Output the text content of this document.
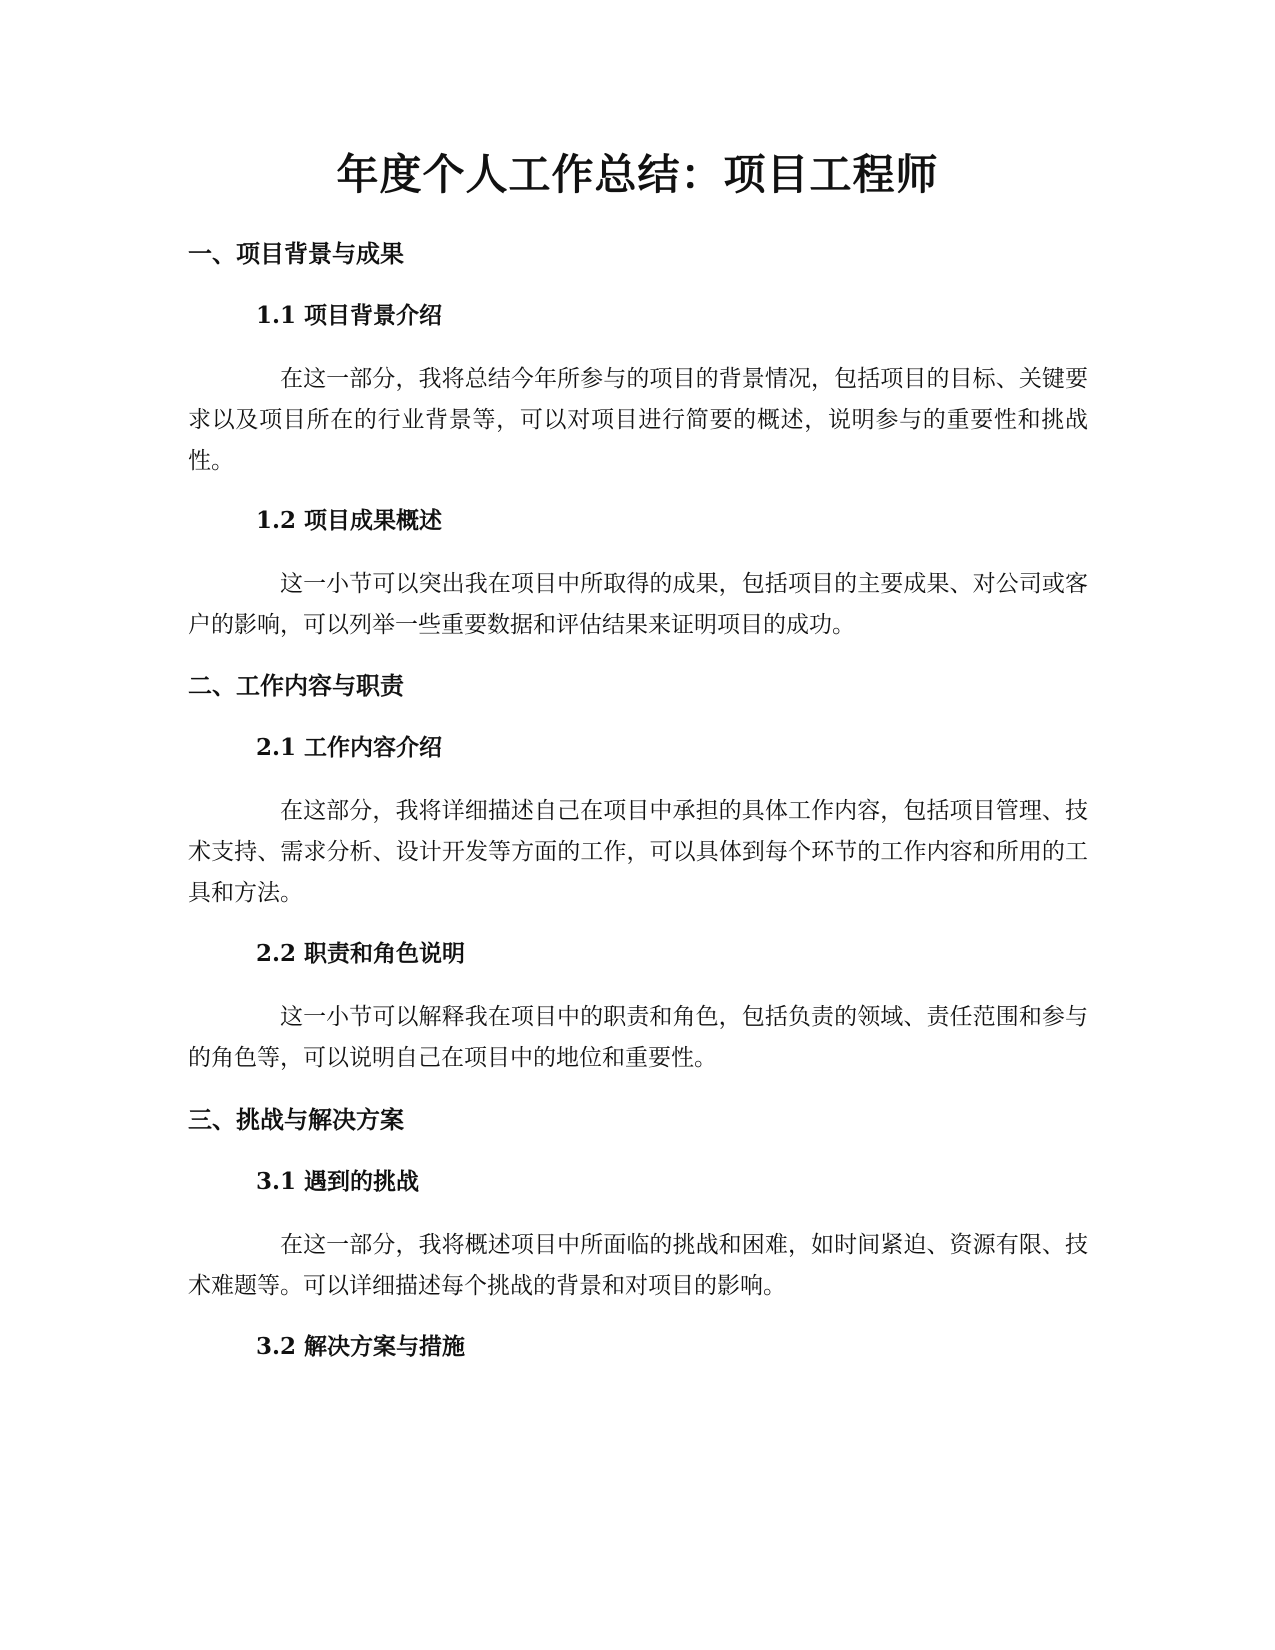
年度个人工作总结：项目工程师
一、项目背景与成果
1.1 项目背景介绍

在这一部分，我将总结今年所参与的项目的背景情况，包括项目的目标、关键要求以及项目所在的行业背景等，可以对项目进行简要的概述，说明参与的重要性和挑战性。

1.2 项目成果概述

这一小节可以突出我在项目中所取得的成果，包括项目的主要成果、对公司或客户的影响，可以列举一些重要数据和评估结果来证明项目的成功。

二、工作内容与职责
2.1 工作内容介绍

在这部分，我将详细描述自己在项目中承担的具体工作内容，包括项目管理、技术支持、需求分析、设计开发等方面的工作，可以具体到每个环节的工作内容和所用的工具和方法。

2.2 职责和角色说明

这一小节可以解释我在项目中的职责和角色，包括负责的领域、责任范围和参与的角色等，可以说明自己在项目中的地位和重要性。

三、挑战与解决方案
3.1 遇到的挑战

在这一部分，我将概述项目中所面临的挑战和困难，如时间紧迫、资源有限、技术难题等。可以详细描述每个挑战的背景和对项目的影响。

3.2 解决方案与措施
